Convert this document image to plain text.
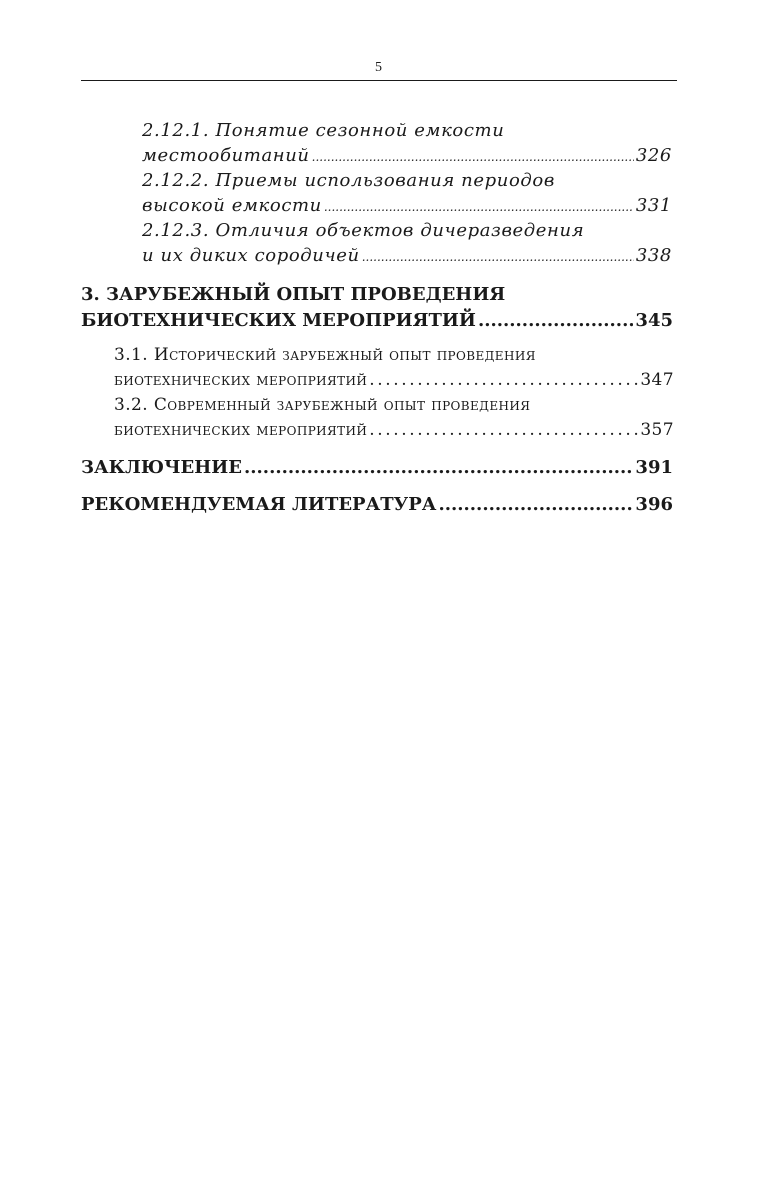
5
2.12.1. Понятие сезонной емкости
местообитаний .....	326
2.12.2. Приемы использования периодов
высокой емкости .....	331
2.12.3. Отличия объектов дичеразведения
и их диких сородичей .....	338
3. ЗАРУБЕЖНЫЙ ОПЫТ ПРОВЕДЕНИЯ
БИОТЕХНИЧЕСКИХ МЕРОПРИЯТИЙ .....	345
3.1. Исторический зарубежный опыт проведения
биотехнических мероприятий .....	347
3.2. Современный зарубежный опыт проведения
биотехнических мероприятий .....	357
ЗАКЛЮЧЕНИЕ .....	391
РЕКОМЕНДУЕМАЯ ЛИТЕРАТУРА .....	396
